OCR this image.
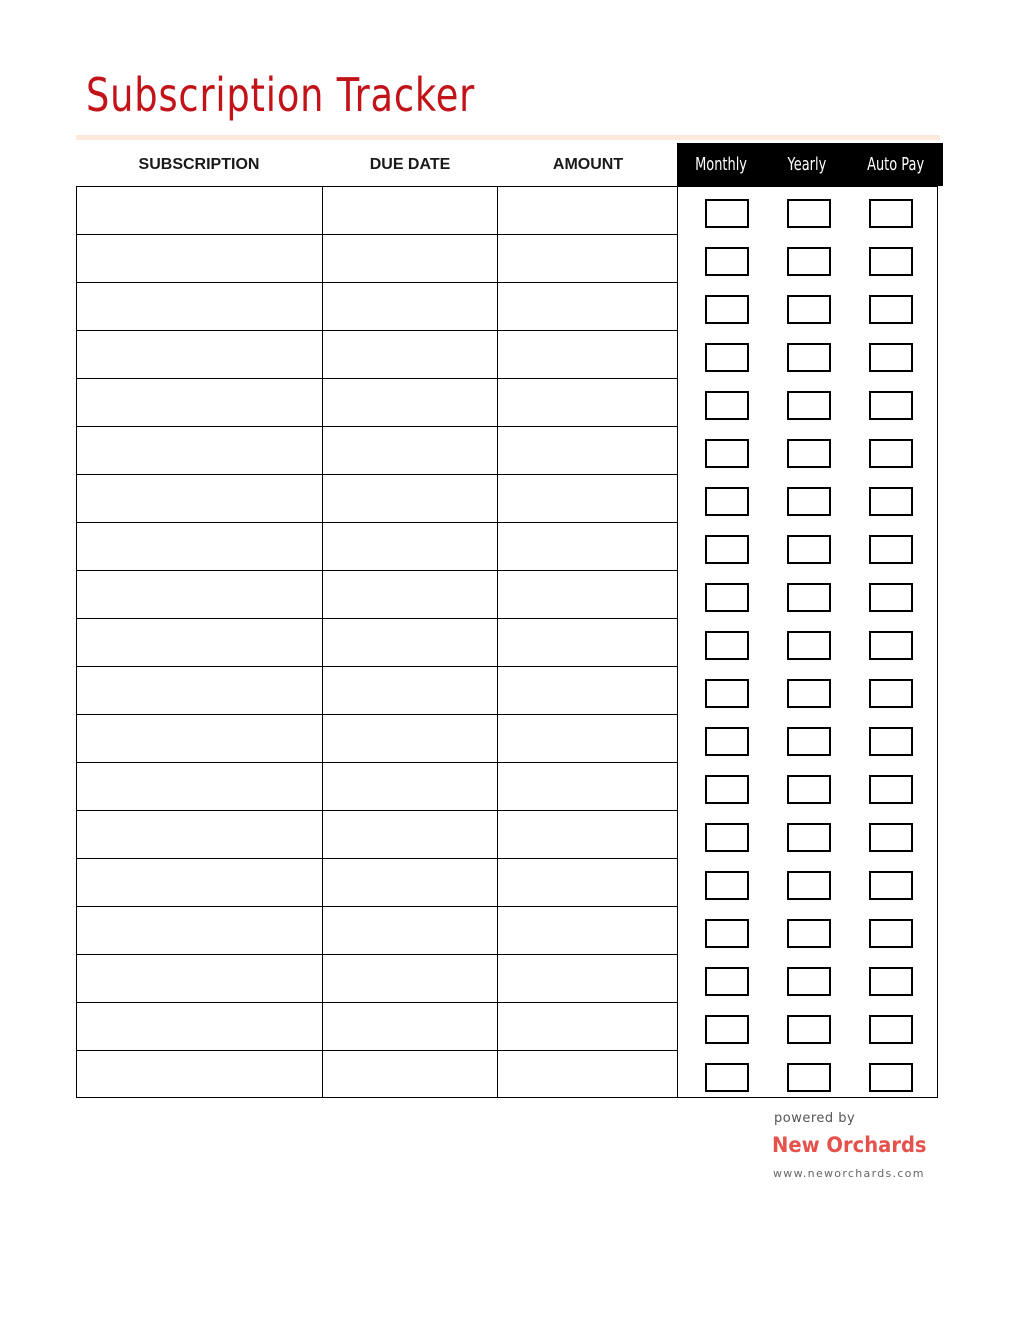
Subscription Tracker
SUBSCRIPTION	DUE DATE	AMOUNT	Monthly	Yearly	Auto Pay
powered by
New Orchards
www.neworchards.com
